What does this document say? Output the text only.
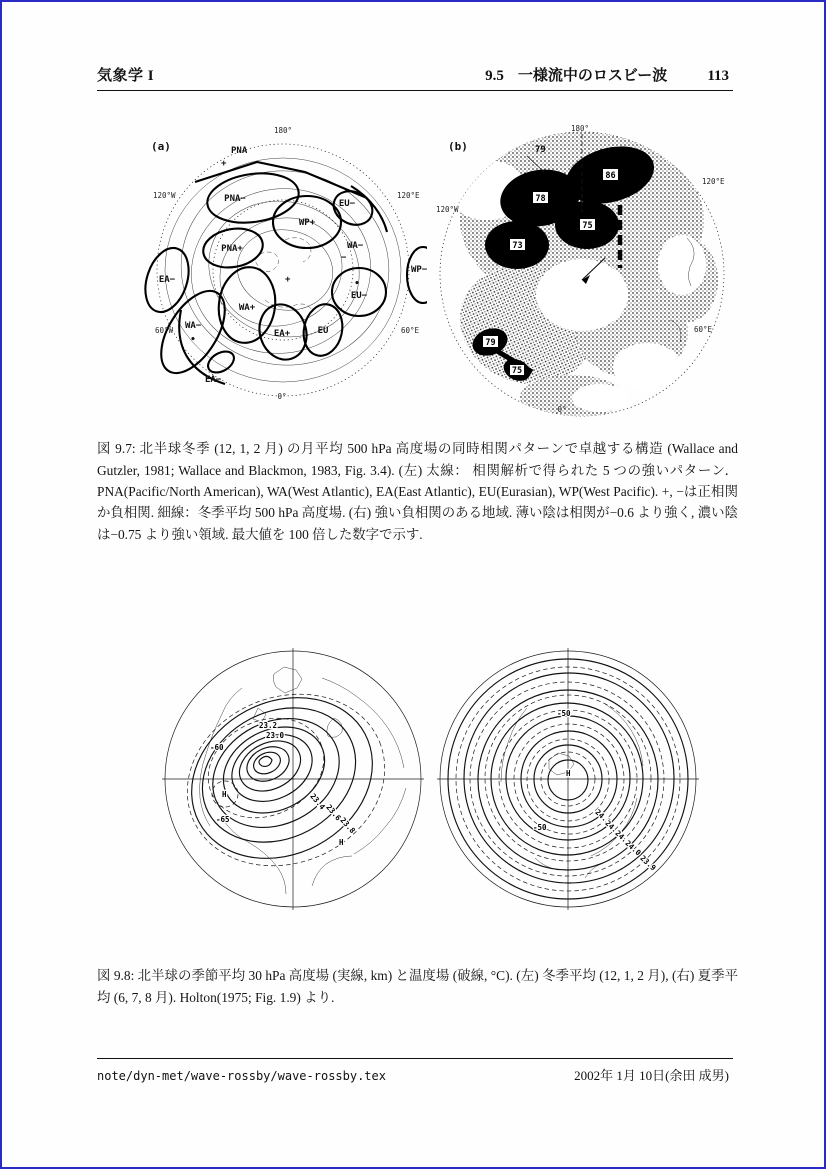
気象学 I	9.5 一様流中のロスビー波	113
PNA
+
PNA−
WP+
EU−
WA−
PNA+
EA−
WA+
EU−
EA+	EU
WA−
EA−
WP−
•
•
+
−
180°
120°E
60°E
0°
120°W
60°W
(a)
86
78
75
73
79
75
79
180°
120°E
60°E
0°
120°W
(b)

図 9.7: 北半球冬季 (12, 1, 2 月) の月平均 500 hPa 高度場の同時相関パターンで卓越する構造 (Wallace and Gutzler, 1981; Wallace and Blackmon, 1983, Fig. 3.4). (左) 太線： 相関解析で得られた 5 つの強いパターン． PNA(Pacific/North American), WA(West Atlantic), EA(East Atlantic), EU(Eurasian), WP(West Pacific). +, −は正相関か負相関. 細線：冬季平均 500 hPa 高度場. (右) 強い負相関のある地域. 薄い陰は相関が−0.6 より強く, 濃い陰は−0.75 より強い領域. 最大値を 100 倍した数字で示す.

23.2
23.0
23.4
23.6
23.8
-60
-65
H
H
24.3
24.2
24.1
24.0
23.9
-50
-50
H

図 9.8: 北半球の季節平均 30 hPa 高度場 (実線, km) と温度場 (破線, °C). (左) 冬季平均 (12, 1, 2 月), (右) 夏季平均 (6, 7, 8 月). Holton(1975; Fig. 1.9) より.

note/dyn-met/wave-rossby/wave-rossby.tex	2002年 1月 10日(余田 成男)
